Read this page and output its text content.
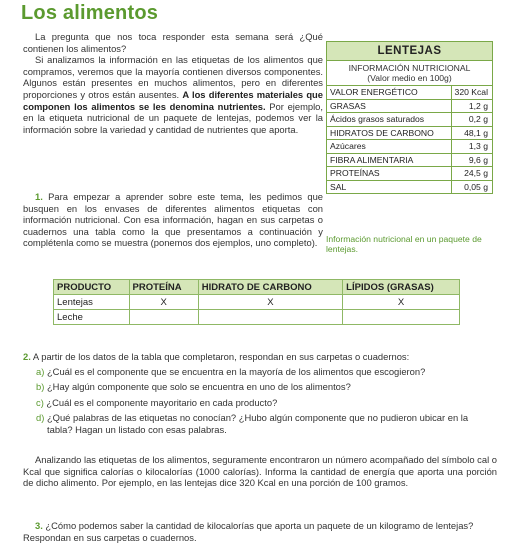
Los alimentos

La pregunta que nos toca responder esta semana será ¿Qué contienen los alimentos?

Si analizamos la información en las etiquetas de los alimentos que compramos, veremos que la mayoría contienen diversos componentes. Algunos están presentes en muchos alimentos, pero en diferentes proporciones y otros están ausentes. A los diferentes materiales que componen los alimentos se les denomina nutrientes. Por ejemplo, en la etiqueta nutricional de un paquete de lentejas, podemos ver la información sobre la variedad y cantidad de nutrientes que aporta.

1. Para empezar a aprender sobre este tema, les pedimos que busquen en los envases de diferentes alimentos etiquetas con información nutricional. Con esa información, hagan en sus carpetas o cuadernos una tabla como la que presentamos a continuación y complétenla como se muestra (ponemos dos ejemplos, uno completo).

LENTEJAS
INFORMACIÓN NUTRICIONAL
(Valor medio en 100g)
VALOR ENERGÉTICO	320 Kcal
GRASAS	1,2 g
Ácidos grasos saturados	0,2 g
HIDRATOS DE CARBONO	48,1 g
Azúcares	1,3 g
FIBRA ALIMENTARIA	9,6 g
PROTEÍNAS	24,5 g
SAL	0,05 g
Información nutricional en un paquete de lentejas.
PRODUCTO	PROTEÍNA	HIDRATO DE CARBONO	LÍPIDOS (GRASAS)
Lentejas	X	X	X
Leche			
2. A partir de los datos de la tabla que completaron, respondan en sus carpetas o cuadernos:
a) ¿Cuál es el componente que se encuentra en la mayoría de los alimentos que escogieron?
b) ¿Hay algún componente que solo se encuentra en uno de los alimentos?
c) ¿Cuál es el componente mayoritario en cada producto?
d) ¿Qué palabras de las etiquetas no conocían? ¿Hubo algún componente que no pudieron ubicar en la tabla? Hagan un listado con esas palabras.
Analizando las etiquetas de los alimentos, seguramente encontraron un número acompañado del símbolo cal o Kcal que significa calorías o kilocalorías (1000 calorías). Informa la cantidad de energía que aporta una porción de dicho alimento. Por ejemplo, en las lentejas dice 320 Kcal en una porción de 100 gramos.
3. ¿Cómo podemos saber la cantidad de kilocalorías que aporta un paquete de un kilogramo de lentejas? Respondan en sus carpetas o cuadernos.
